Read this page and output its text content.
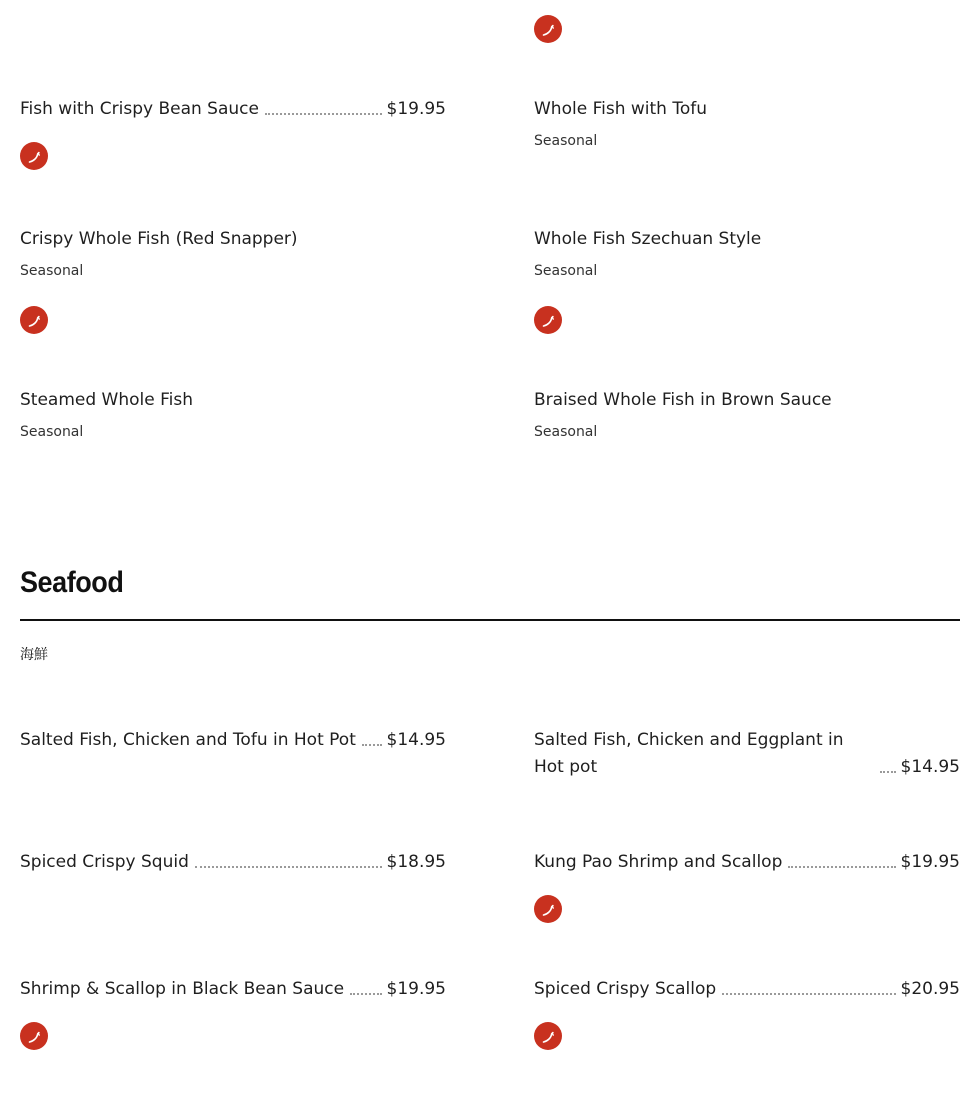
Fish with Crispy Bean Sauce	$19.95	Whole Fish with Tofu
Seasonal
Crispy Whole Fish (Red Snapper)
Seasonal
Whole Fish Szechuan Style
Seasonal
Steamed Whole Fish
Seasonal
Braised Whole Fish in Brown Sauce
Seasonal
Seafood
海鮮
Salted Fish, Chicken and Tofu in Hot Pot $14.95	Salted Fish, Chicken and Eggplant in Hot pot	$14.95
Spiced Crispy Squid	$18.95	Kung Pao Shrimp and Scallop	$19.95
Shrimp & Scallop in Black Bean Sauce $19.95	Spiced Crispy Scallop	$20.95
